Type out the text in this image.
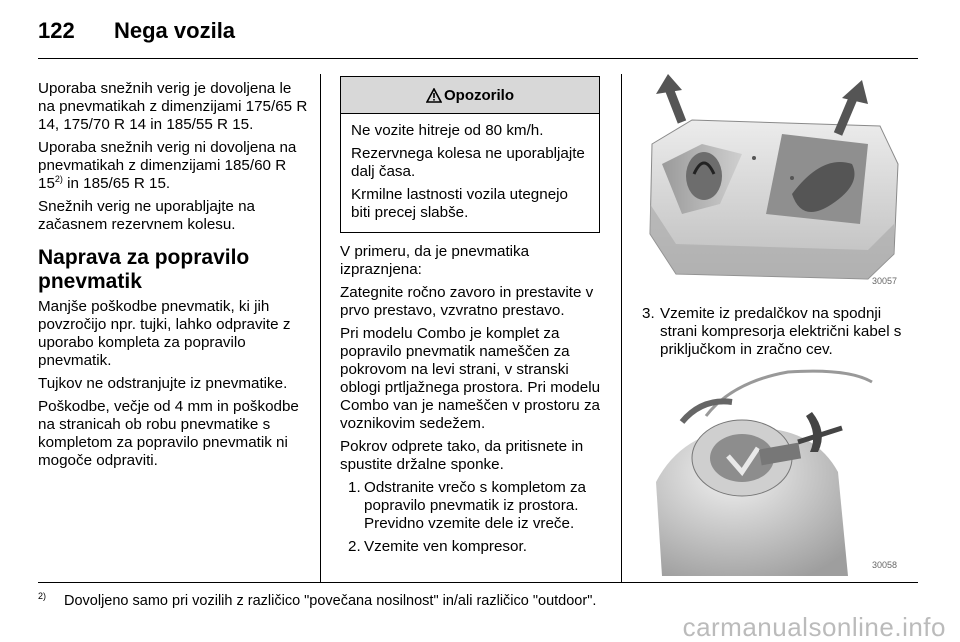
122 Nega vozila

Uporaba snežnih verig je dovoljena le na pnevmatikah z dimenzijami 175/65 R 14, 175/70 R 14 in 185/55 R 15.

Uporaba snežnih verig ni dovoljena na pnevmatikah z dimenzijami 185/60 R 15$^{2)}$ in 185/65 R 15.

Snežnih verig ne uporabljajte na začasnem rezervnem kolesu.

Naprava za popravilo pnevmatik

Manjše poškodbe pnevmatik, ki jih povzročijo npr. tujki, lahko odpravite z uporabo kompleta za popravilo pnevmatik.

Tujkov ne odstranjujte iz pnevmatike.

Poškodbe, večje od 4 mm in poškodbe na stranicah ob robu pnevmatike s kompletom za popravilo pnevmatik ni mogoče odpraviti.

Opozorilo

Ne vozite hitreje od 80 km/h.

Rezervnega kolesa ne uporabljajte dalj časa.

Krmilne lastnosti vozila utegnejo biti precej slabše.

V primeru, da je pnevmatika izpraznjena:

Zategnite ročno zavoro in prestavite v prvo prestavo, vzvratno prestavo.

Pri modelu Combo je komplet za popravilo pnevmatik nameščen za pokrovom na levi strani, v stranski oblogi prtljažnega prostora. Pri modelu Combo van je nameščen v prostoru za voznikovim sedežem.

Pokrov odprete tako, da pritisnete in spustite držalne sponke.

1. Odstranite vrečo s kompletom za popravilo pnevmatik iz prostora. Previdno vzemite dele iz vreče.
2. Vzemite ven kompresor.
30057
3. Vzemite iz predalčkov na spodnji strani kompresorja električni kabel s priključkom in zračno cev.
30058
$^{2)}$ Dovoljeno samo pri vozilih z različico "povečana nosilnost" in/ali različico "outdoor".
carmanualsonline.info
